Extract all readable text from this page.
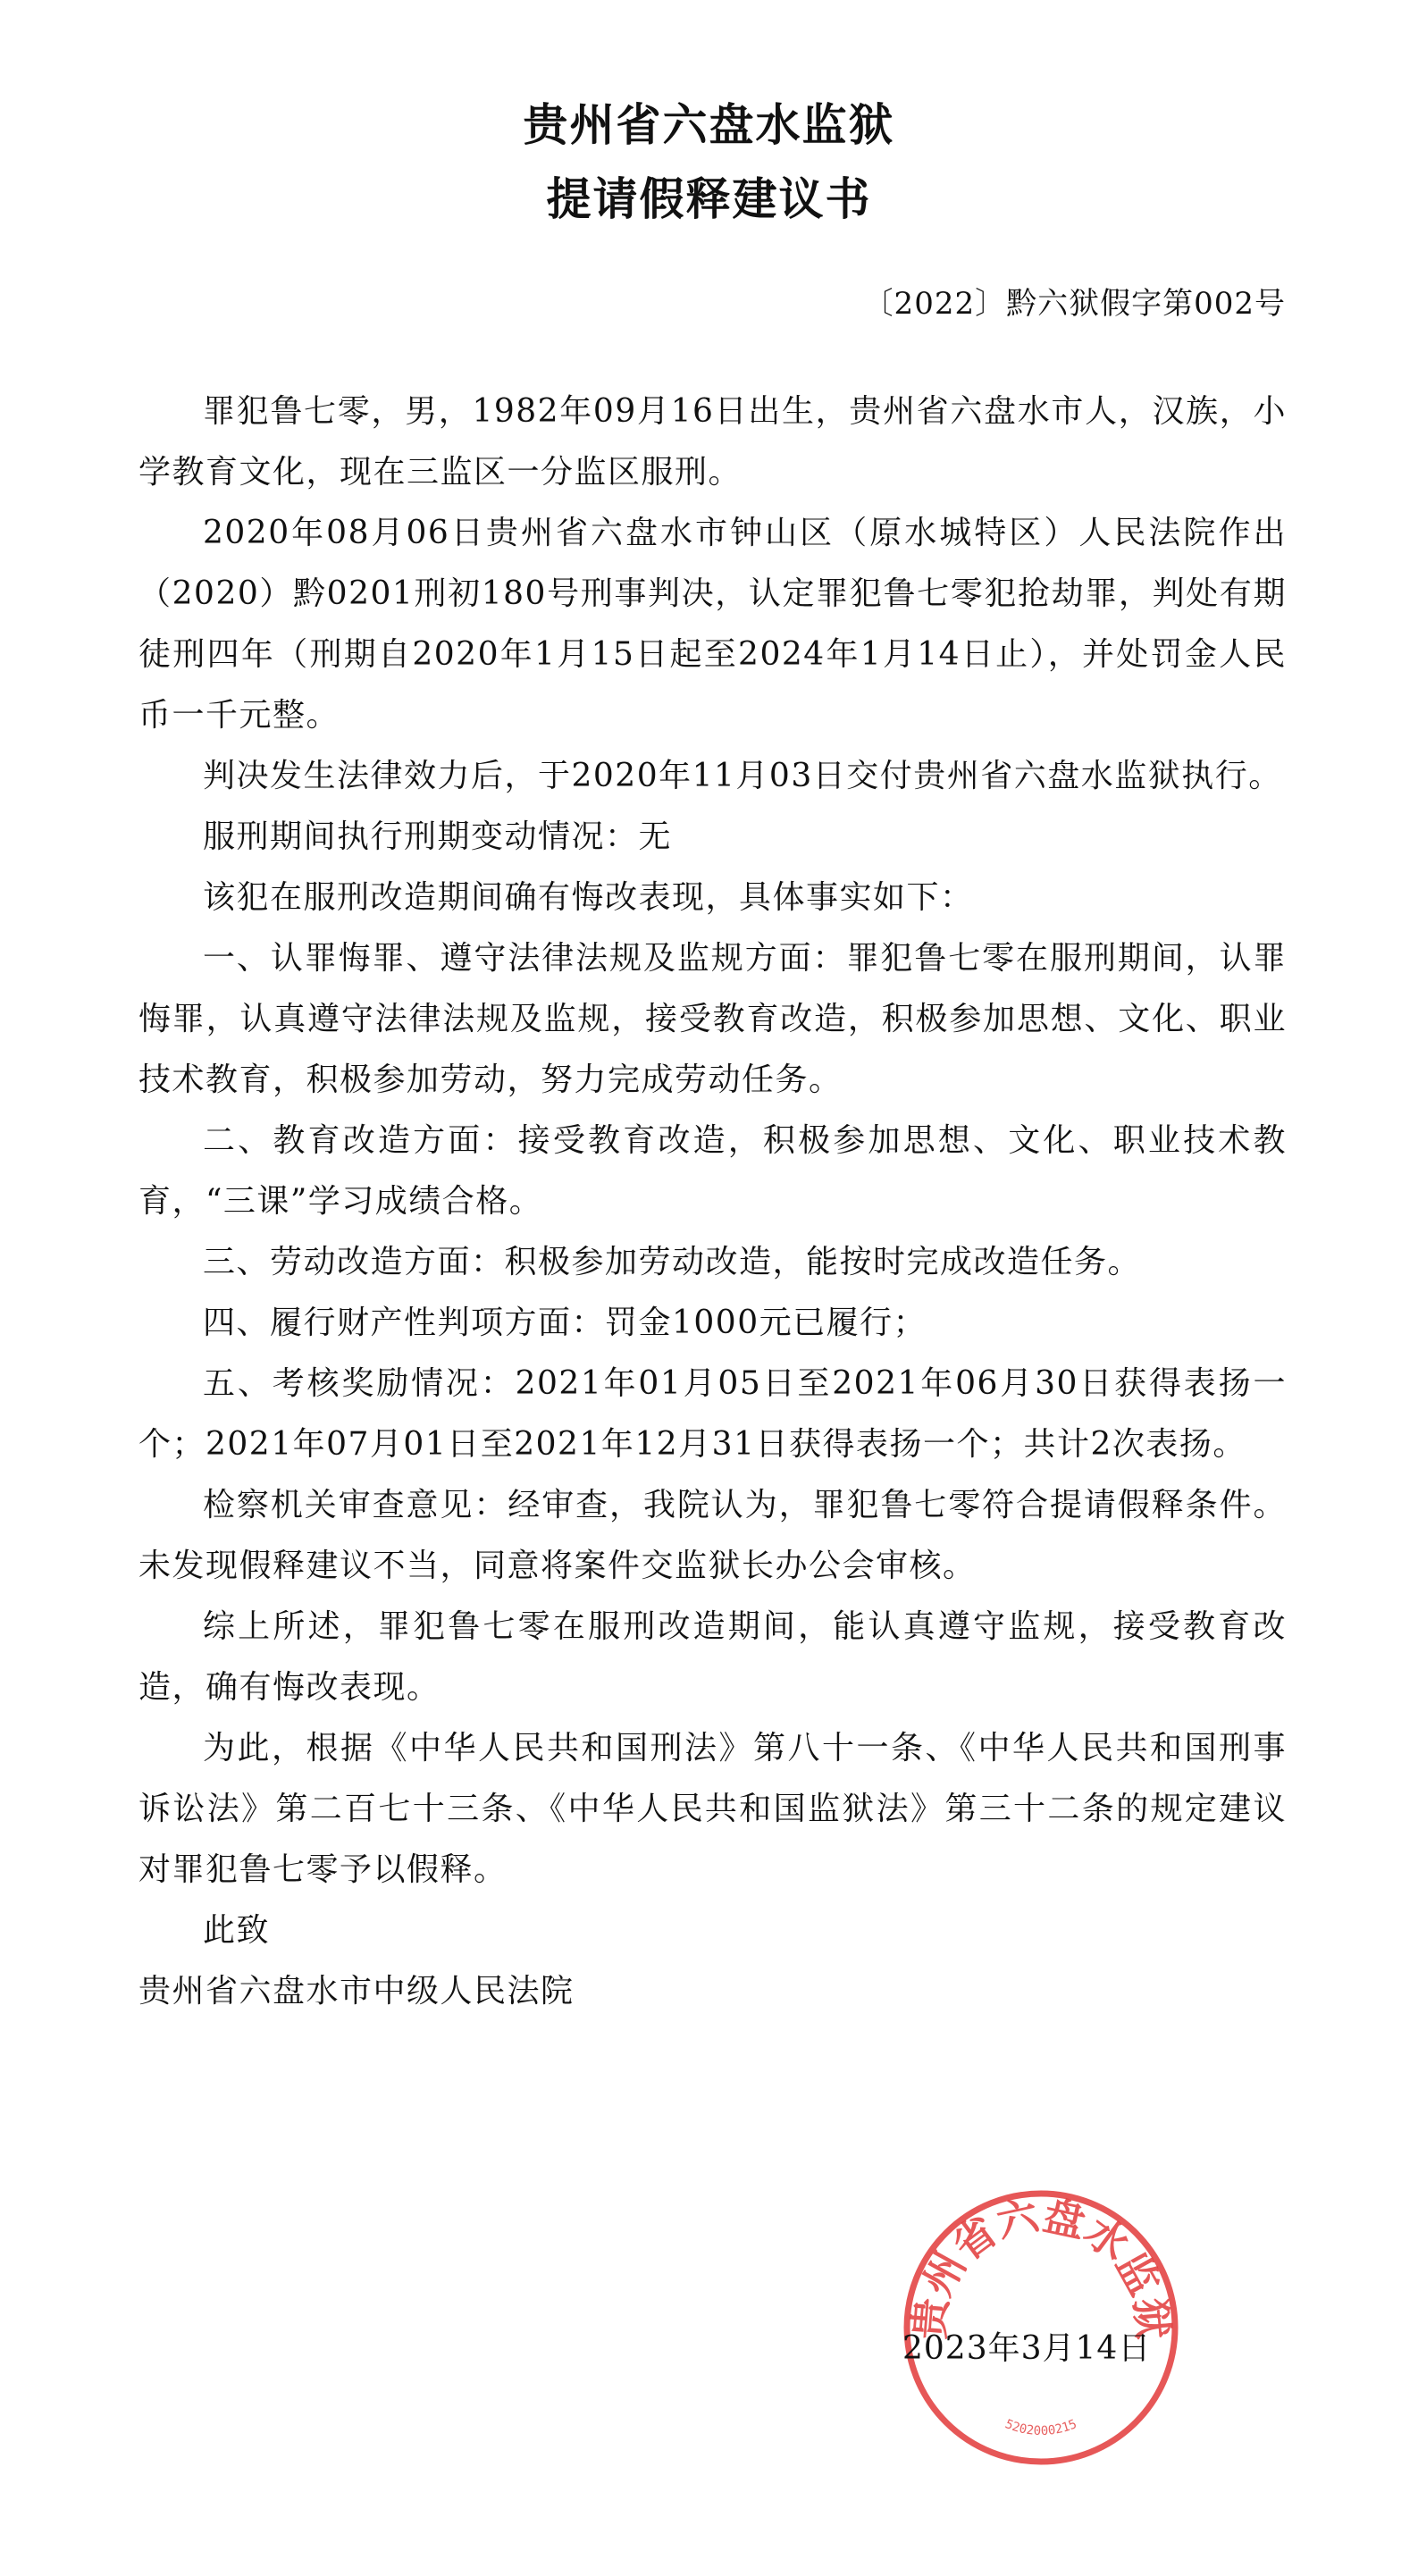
贵州省六盘水监狱
提请假释建议书
〔2022〕黔六狱假字第002号

罪犯鲁七零，男，1982年09月16日出生，贵州省六盘水市人，汉族，小学教育文化，现在三监区一分监区服刑。

2020年08月06日贵州省六盘水市钟山区（原水城特区）人民法院作出（2020）黔0201刑初180号刑事判决，认定罪犯鲁七零犯抢劫罪，判处有期徒刑四年（刑期自2020年1月15日起至2024年1月14日止），并处罚金人民币一千元整。

判决发生法律效力后，于2020年11月03日交付贵州省六盘水监狱执行。

服刑期间执行刑期变动情况：无

该犯在服刑改造期间确有悔改表现，具体事实如下：

一、认罪悔罪、遵守法律法规及监规方面：罪犯鲁七零在服刑期间，认罪悔罪，认真遵守法律法规及监规，接受教育改造，积极参加思想、文化、职业技术教育，积极参加劳动，努力完成劳动任务。

二、教育改造方面：接受教育改造，积极参加思想、文化、职业技术教育，“三课”学习成绩合格。

三、劳动改造方面：积极参加劳动改造，能按时完成改造任务。

四、履行财产性判项方面：罚金1000元已履行；

五、考核奖励情况：2021年01月05日至2021年06月30日获得表扬一个；2021年07月01日至2021年12月31日获得表扬一个；共计2次表扬。

检察机关审查意见：经审查，我院认为，罪犯鲁七零符合提请假释条件。未发现假释建议不当，同意将案件交监狱长办公会审核。

综上所述，罪犯鲁七零在服刑改造期间，能认真遵守监规，接受教育改造，确有悔改表现。

为此，根据《中华人民共和国刑法》第八十一条、《中华人民共和国刑事诉讼法》第二百七十三条、《中华人民共和国监狱法》第三十二条的规定建议对罪犯鲁七零予以假释。

此致

贵州省六盘水市中级人民法院

贵州省六盘水监狱
5202000215
2023年3月14日
